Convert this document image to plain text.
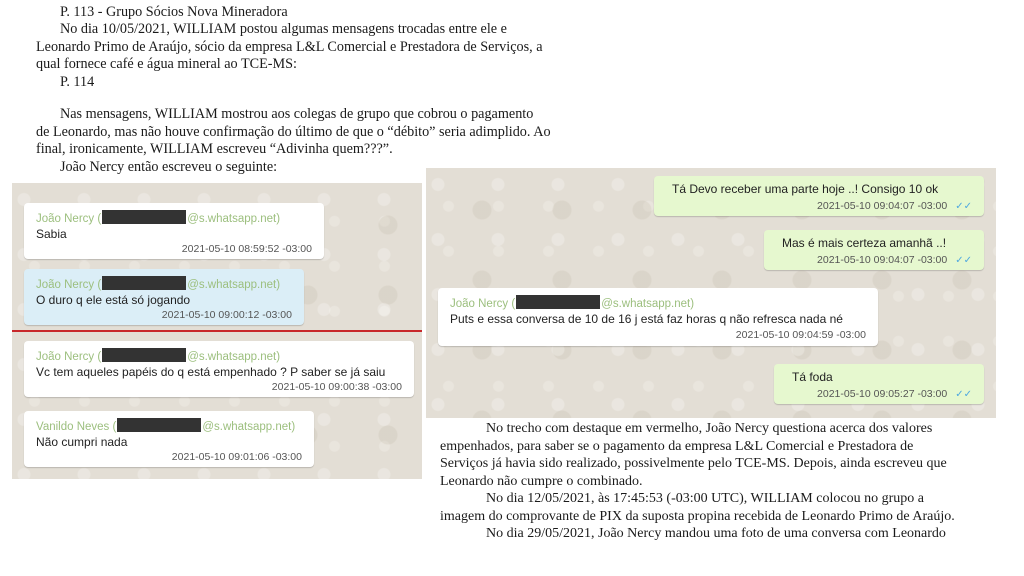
P. 113 - Grupo Sócios Nova Mineradora

No dia 10/05/2021, WILLIAM postou algumas mensagens trocadas entre ele e

Leonardo Primo de Araújo, sócio da empresa L&L Comercial e Prestadora de Serviços, a

qual fornece café e água mineral ao TCE-MS:

P. 114

Nas mensagens, WILLIAM mostrou aos colegas de grupo que cobrou o pagamento

de Leonardo, mas não houve confirmação do último de que o “débito” seria adimplido. Ao

final, ironicamente, WILLIAM escreveu “Adivinha quem???”.

João Nercy então escreveu o seguinte:

João Nercy (	@s.whatsapp.net)
Sabia
2021-05-10 08:59:52 -03:00
João Nercy (	@s.whatsapp.net)
O duro q ele está só jogando
2021-05-10 09:00:12 -03:00
João Nercy (	@s.whatsapp.net)
Vc tem aqueles papéis do q está empenhado ? P saber se já saiu
2021-05-10 09:00:38 -03:00
Vanildo Neves (	@s.whatsapp.net)
Não cumpri nada
2021-05-10 09:01:06 -03:00
Tá Devo receber uma parte hoje ..! Consigo 10 ok
2021-05-10 09:04:07 -03:00 ✓✓
Mas é mais certeza amanhã ..!
2021-05-10 09:04:07 -03:00 ✓✓
João Nercy (	@s.whatsapp.net)
Puts e essa conversa de 10 de 16 j está faz horas q não refresca nada né
2021-05-10 09:04:59 -03:00
Tá foda
2021-05-10 09:05:27 -03:00 ✓✓

No trecho com destaque em vermelho, João Nercy questiona acerca dos valores

empenhados, para saber se o pagamento da empresa L&L Comercial e Prestadora de

Serviços já havia sido realizado, possivelmente pelo TCE-MS. Depois, ainda escreveu que

Leonardo não cumpre o combinado.

No dia 12/05/2021, às 17:45:53 (-03:00 UTC), WILLIAM colocou no grupo a

imagem do comprovante de PIX da suposta propina recebida de Leonardo Primo de Araújo.

No dia 29/05/2021, João Nercy mandou uma foto de uma conversa com Leonardo
